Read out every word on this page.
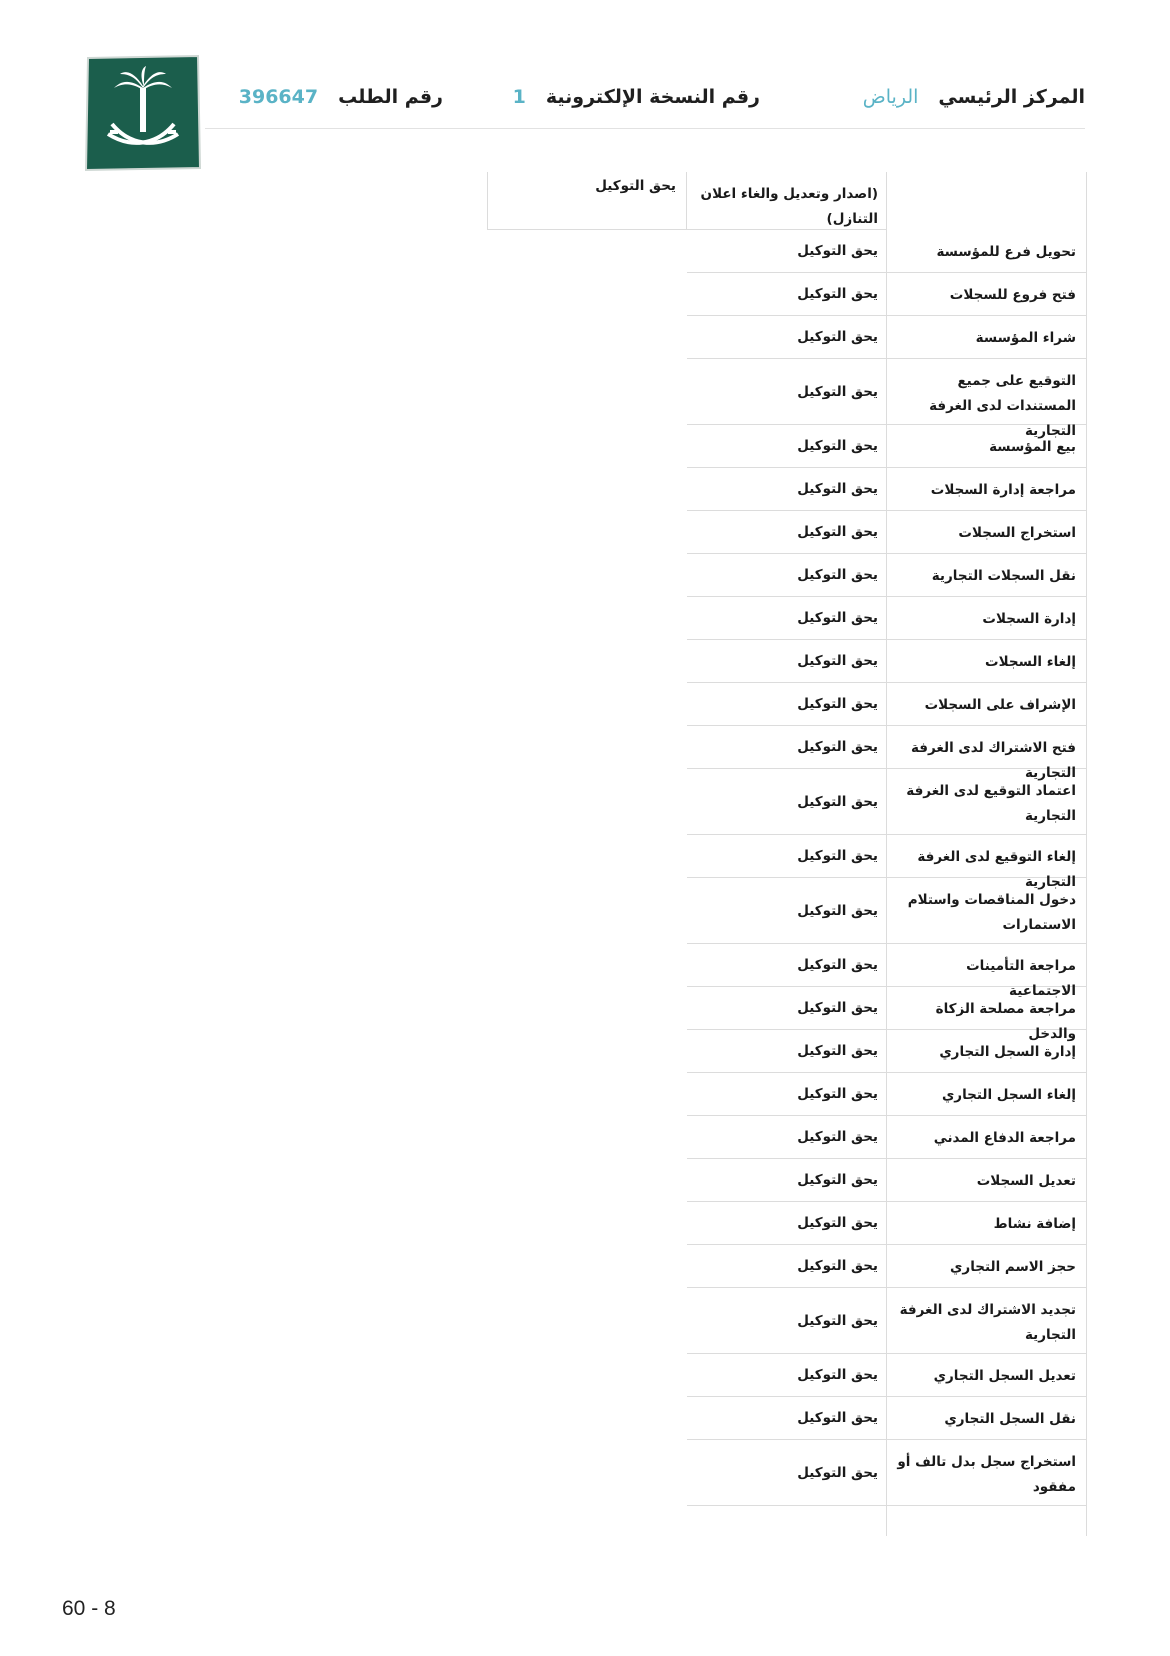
المركز الرئيسي
الرياض
رقم النسخة الإلكترونية
1
رقم الطلب
396647
(اصدار وتعديل والغاء اعلان التنازل)
يحق التوكيل
تحويل فرع للمؤسسة
يحق التوكيل
فتح فروع للسجلات
يحق التوكيل
شراء المؤسسة
يحق التوكيل
التوقيع على جميع المستندات لدى الغرفة التجارية
يحق التوكيل
بيع المؤسسة
يحق التوكيل
مراجعة إدارة السجلات
يحق التوكيل
استخراج السجلات
يحق التوكيل
نقل السجلات التجارية
يحق التوكيل
إدارة السجلات
يحق التوكيل
إلغاء السجلات
يحق التوكيل
الإشراف على السجلات
يحق التوكيل
فتح الاشتراك لدى الغرفة التجارية
يحق التوكيل
اعتماد التوقيع لدى الغرفة التجارية
يحق التوكيل
إلغاء التوقيع لدى الغرفة التجارية
يحق التوكيل
دخول المناقصات واستلام الاستمارات
يحق التوكيل
مراجعة التأمينات الاجتماعية
يحق التوكيل
مراجعة مصلحة الزكاة والدخل
يحق التوكيل
إدارة السجل التجاري
يحق التوكيل
إلغاء السجل التجاري
يحق التوكيل
مراجعة الدفاع المدني
يحق التوكيل
تعديل السجلات
يحق التوكيل
إضافة نشاط
يحق التوكيل
حجز الاسم التجاري
يحق التوكيل
تجديد الاشتراك لدى الغرفة التجارية
يحق التوكيل
تعديل السجل التجاري
يحق التوكيل
نقل السجل التجاري
يحق التوكيل
استخراج سجل بدل تالف أو مفقود
يحق التوكيل
60 - 8
